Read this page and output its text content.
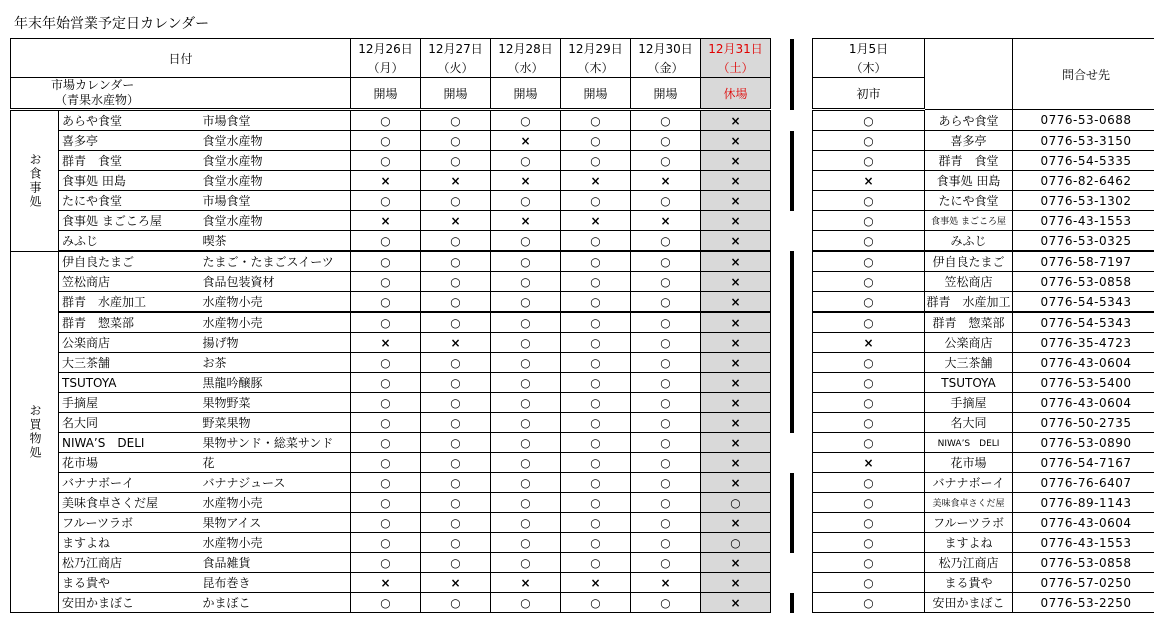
年末年始営業予定日カレンダー
日付			12月26日	12月27日	12月28日	12月29日	12月30日	12月31日		1月5日		問合せ先
			（月）	（火）	（水）	（木）	（金）	（土）		（木）		
市場カレンダー
（青果水産物）			開場	開場	開場	開場	開場	休場		初市		
お食事処	あらや食堂	市場食堂	○	○	○	○	○	×		○	あらや食堂	0776-53-0688
	喜多亭	食堂水産物	○	○	×	○	○	×		○	喜多亭	0776-53-3150
	群青　食堂	食堂水産物	○	○	○	○	○	×		○	群青　食堂	0776-54-5335
	食事処 田島	食堂水産物	×	×	×	×	×	×		×	食事処 田島	0776-82-6462
	たにや食堂	市場食堂	○	○	○	○	○	×		○	たにや食堂	0776-53-1302
	食事処 まごころ屋	食堂水産物	×	×	×	×	×	×		○	食事処 まごころ屋	0776-43-1553
	みふじ	喫茶	○	○	○	○	○	×		○	みふじ	0776-53-0325
お買物処	伊自良たまご	たまご・たまごスイーツ	○	○	○	○	○	×		○	伊自良たまご	0776-58-7197
	笠松商店	食品包装資材	○	○	○	○	○	×		○	笠松商店	0776-53-0858
	群青　水産加工	水産物小売	○	○	○	○	○	×		○	群青　水産加工	0776-54-5343
	群青　惣菜部	水産物小売	○	○	○	○	○	×		○	群青　惣菜部	0776-54-5343
	公楽商店	揚げ物	×	×	○	○	○	×		×	公楽商店	0776-35-4723
	大三茶舗	お茶	○	○	○	○	○	×		○	大三茶舗	0776-43-0604
	TSUTOYA	黒龍吟醸豚	○	○	○	○	○	×		○	TSUTOYA	0776-53-5400
	手摘屋	果物野菜	○	○	○	○	○	×		○	手摘屋	0776-43-0604
	名大同	野菜果物	○	○	○	○	○	×		○	名大同	0776-50-2735
	NIWA’S　DELI	果物サンド・総菜サンド	○	○	○	○	○	×		○	NIWA’S　DELI	0776-53-0890
	花市場	花	○	○	○	○	○	×		×	花市場	0776-54-7167
	バナナボーイ	バナナジュース	○	○	○	○	○	×		○	バナナボーイ	0776-76-6407
	美味食卓さくだ屋	水産物小売	○	○	○	○	○	○		○	美味食卓さくだ屋	0776-89-1143
	フルーツラボ	果物アイス	○	○	○	○	○	×		○	フルーツラボ	0776-43-0604
	ますよね	水産物小売	○	○	○	○	○	○		○	ますよね	0776-43-1553
	松乃江商店	食品雑貨	○	○	○	○	○	×		○	松乃江商店	0776-53-0858
	まる貴や	昆布巻き	×	×	×	×	×	×		○	まる貴や	0776-57-0250
	安田かまぼこ	かまぼこ	○	○	○	○	○	×		○	安田かまぼこ	0776-53-2250
